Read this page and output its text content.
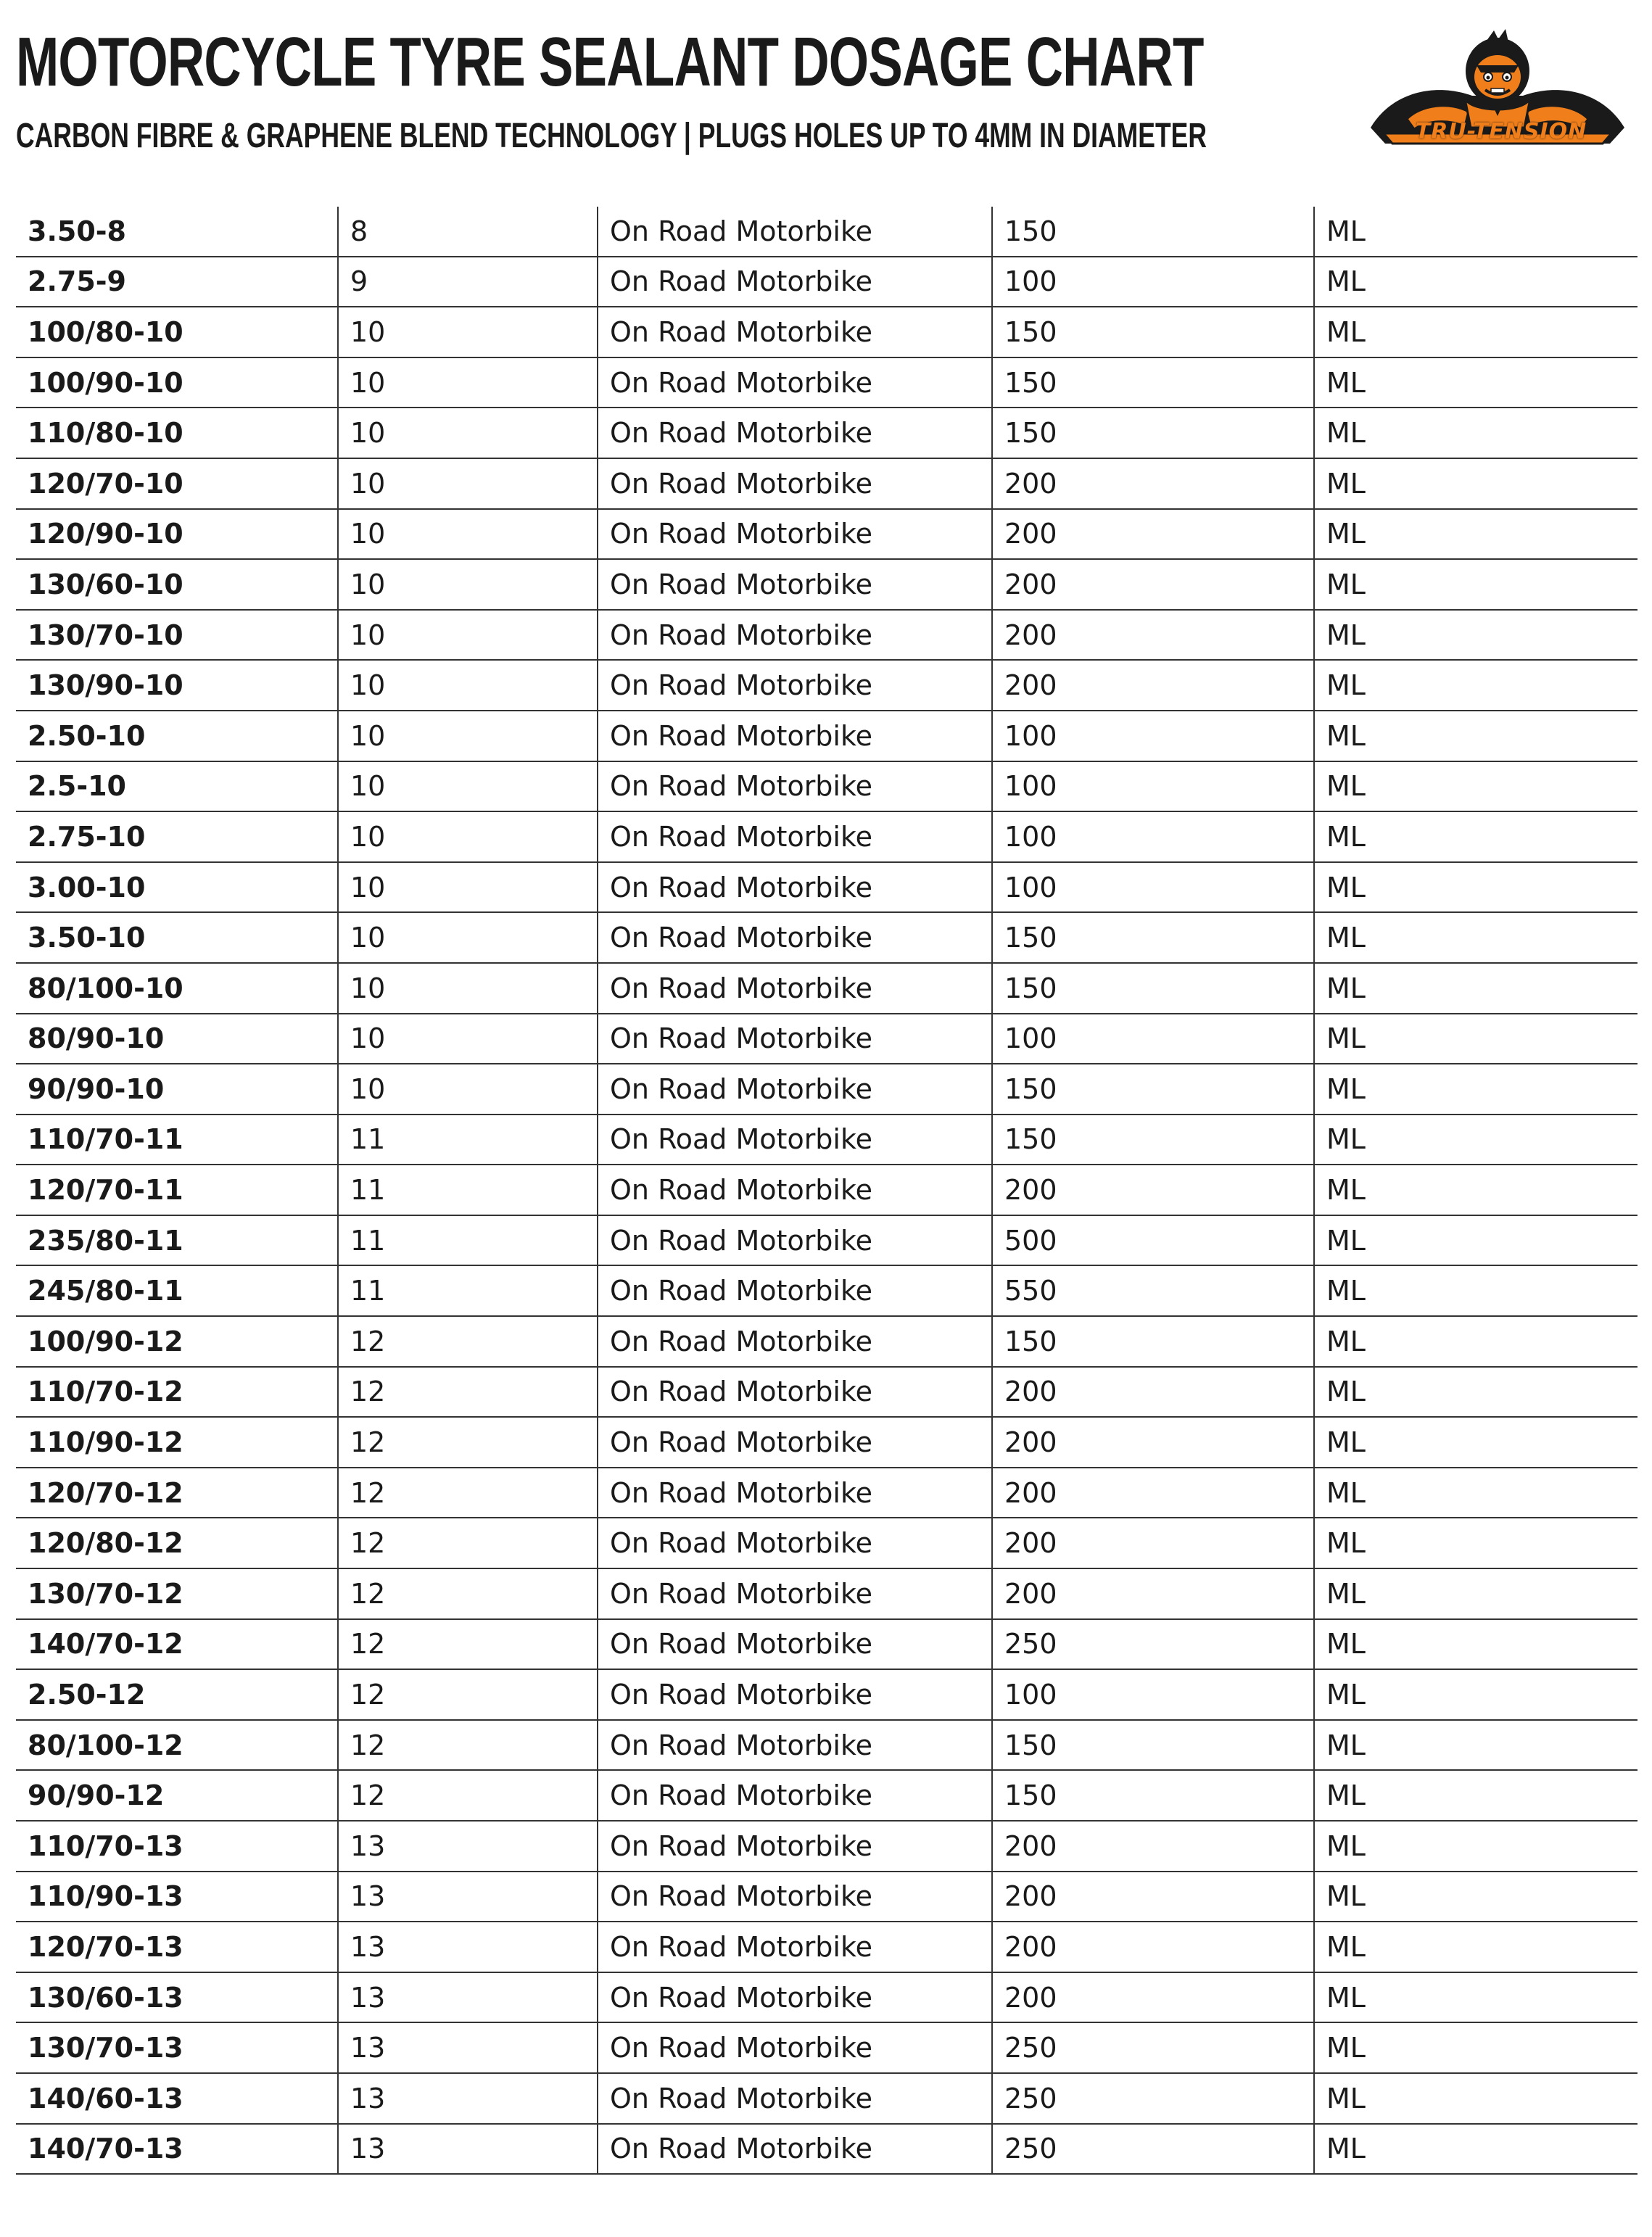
MOTORCYCLE TYRE SEALANT DOSAGE CHART
CARBON FIBRE & GRAPHENE BLEND TECHNOLOGY | PLUGS HOLES UP TO 4MM IN DIAMETER	TRU-TENSION
3.50-8	8	On Road Motorbike	150	ML
2.75-9	9	On Road Motorbike	100	ML
100/80-10	10	On Road Motorbike	150	ML
100/90-10	10	On Road Motorbike	150	ML
110/80-10	10	On Road Motorbike	150	ML
120/70-10	10	On Road Motorbike	200	ML
120/90-10	10	On Road Motorbike	200	ML
130/60-10	10	On Road Motorbike	200	ML
130/70-10	10	On Road Motorbike	200	ML
130/90-10	10	On Road Motorbike	200	ML
2.50-10	10	On Road Motorbike	100	ML
2.5-10	10	On Road Motorbike	100	ML
2.75-10	10	On Road Motorbike	100	ML
3.00-10	10	On Road Motorbike	100	ML
3.50-10	10	On Road Motorbike	150	ML
80/100-10	10	On Road Motorbike	150	ML
80/90-10	10	On Road Motorbike	100	ML
90/90-10	10	On Road Motorbike	150	ML
110/70-11	11	On Road Motorbike	150	ML
120/70-11	11	On Road Motorbike	200	ML
235/80-11	11	On Road Motorbike	500	ML
245/80-11	11	On Road Motorbike	550	ML
100/90-12	12	On Road Motorbike	150	ML
110/70-12	12	On Road Motorbike	200	ML
110/90-12	12	On Road Motorbike	200	ML
120/70-12	12	On Road Motorbike	200	ML
120/80-12	12	On Road Motorbike	200	ML
130/70-12	12	On Road Motorbike	200	ML
140/70-12	12	On Road Motorbike	250	ML
2.50-12	12	On Road Motorbike	100	ML
80/100-12	12	On Road Motorbike	150	ML
90/90-12	12	On Road Motorbike	150	ML
110/70-13	13	On Road Motorbike	200	ML
110/90-13	13	On Road Motorbike	200	ML
120/70-13	13	On Road Motorbike	200	ML
130/60-13	13	On Road Motorbike	200	ML
130/70-13	13	On Road Motorbike	250	ML
140/60-13	13	On Road Motorbike	250	ML
140/70-13	13	On Road Motorbike	250	ML
